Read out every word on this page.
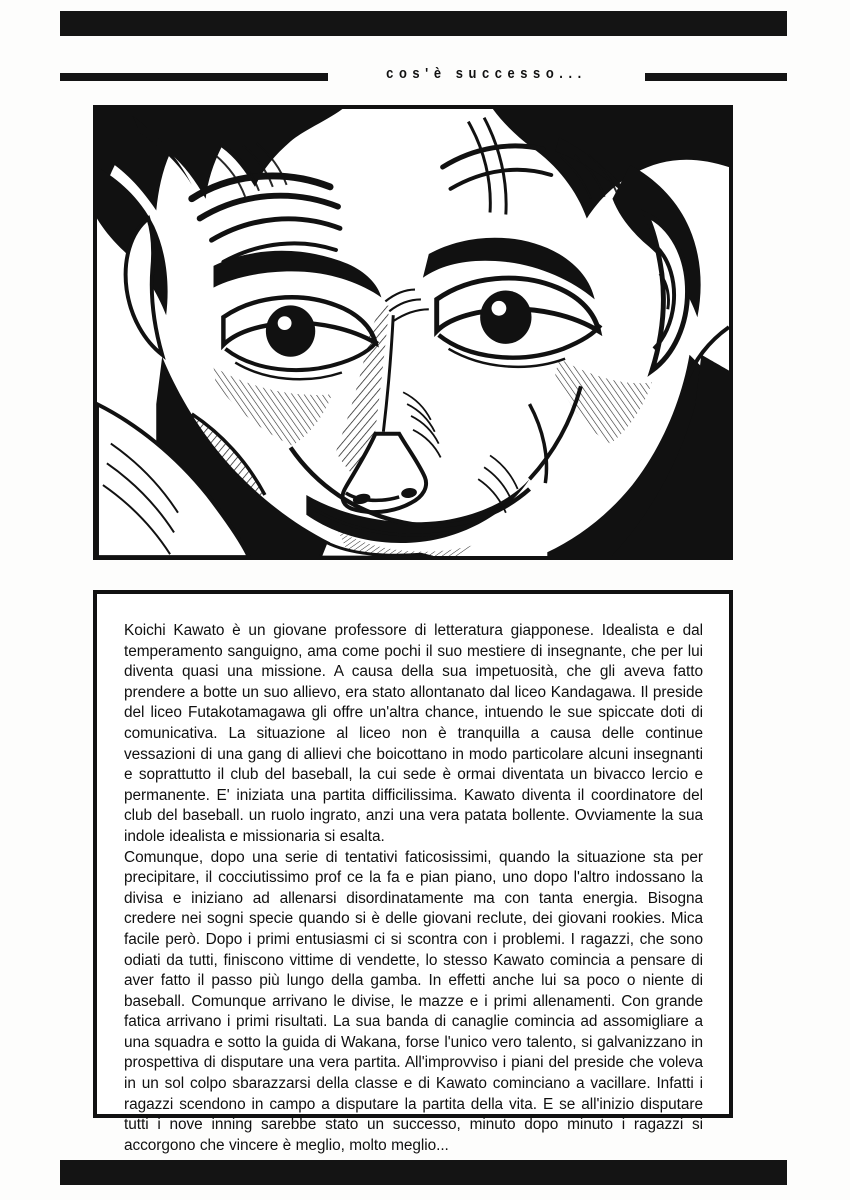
cos'è successo...

Koichi Kawato è un giovane professore di letteratura giapponese. Idealista e dal temperamento sanguigno, ama come pochi il suo mestiere di insegnante, che per lui diventa quasi una missione. A causa della sua impetuosità, che gli aveva fatto prendere a botte un suo allievo, era stato allontanato dal liceo Kandagawa. Il preside del liceo Futakotamagawa gli offre un'altra chance, intuendo le sue spiccate doti di comunicativa. La situazione al liceo non è tranquilla a causa delle continue vessazioni di una gang di allievi che boicottano in modo particolare alcuni insegnanti e soprattutto il club del baseball, la cui sede è ormai diventata un bivacco lercio e permanente. E' iniziata una partita difficilissima. Kawato diventa il coordinatore del club del baseball. un ruolo ingrato, anzi una vera patata bollente. Ovviamente la sua indole idealista e missionaria si esalta.

Comunque, dopo una serie di tentativi faticosissimi, quando la situazione sta per precipitare, il cocciutissimo prof ce la fa e pian piano, uno dopo l'altro indossano la divisa e iniziano ad allenarsi disordinatamente ma con tanta energia. Bisogna credere nei sogni specie quando si è delle giovani reclute, dei giovani rookies. Mica facile però. Dopo i primi entusiasmi ci si scontra con i problemi. I ragazzi, che sono odiati da tutti, finiscono vittime di vendette, lo stesso Kawato comincia a pensare di aver fatto il passo più lungo della gamba. In effetti anche lui sa poco o niente di baseball. Comunque arrivano le divise, le mazze e i primi allenamenti. Con grande fatica arrivano i primi risultati. La sua banda di canaglie comincia ad assomigliare a una squadra e sotto la guida di Wakana, forse l'unico vero talento, si galvanizzano in prospettiva di disputare una vera partita. All'improvviso i piani del preside che voleva in un sol colpo sbarazzarsi della classe e di Kawato cominciano a vacillare. Infatti i ragazzi scendono in campo a disputare la partita della vita. E se all'inizio disputare tutti i nove inning sarebbe stato un successo, minuto dopo minuto i ragazzi si accorgono che vincere è meglio, molto meglio...
